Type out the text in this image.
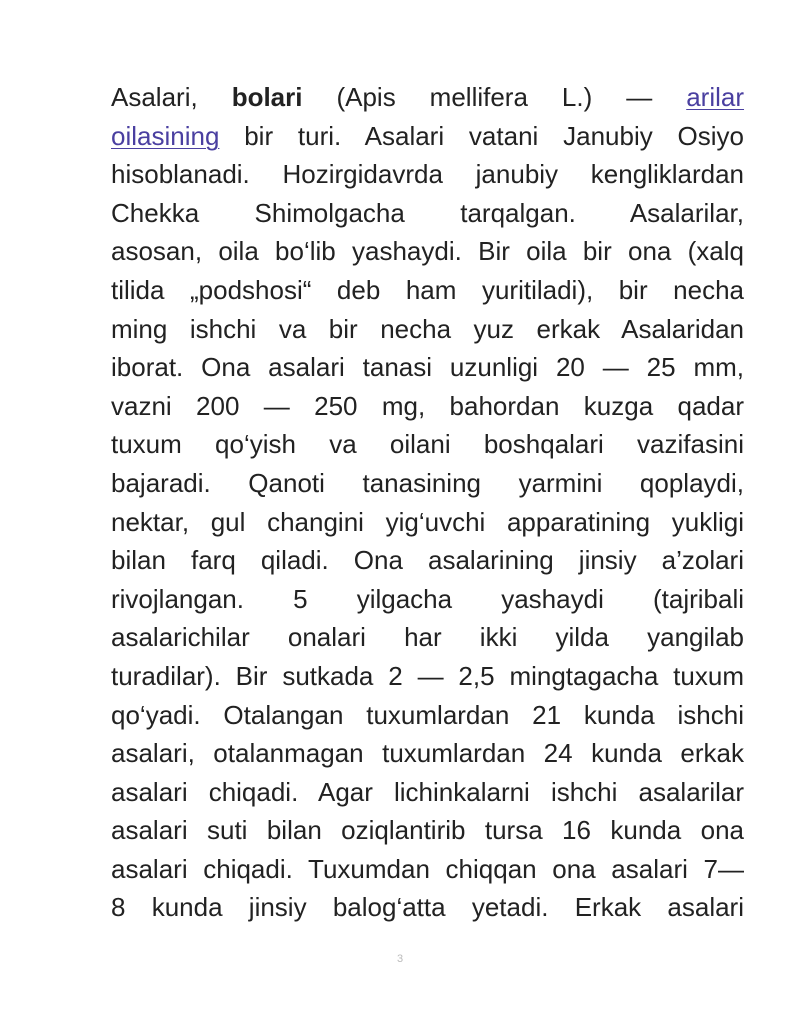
Asalari, bolari (Apis mellifera L.) — arilar
oilasining bir turi. Asalari vatani Janubiy Osiyo
hisoblanadi. Hozirgidavrda janubiy kengliklardan
Chekka Shimolgacha tarqalgan. Asalarilar,
asosan, oila bo‘lib yashaydi. Bir oila bir ona (xalq
tilida „podshosi“ deb ham yuritiladi), bir necha
ming ishchi va bir necha yuz erkak Asalaridan
iborat. Ona asalari tanasi uzunligi 20 — 25 mm,
vazni 200 — 250 mg, bahordan kuzga qadar
tuxum qo‘yish va oilani boshqalari vazifasini
bajaradi. Qanoti tanasining yarmini qoplaydi,
nektar, gul changini yig‘uvchi apparatining yukligi
bilan farq qiladi. Ona asalarining jinsiy a’zolari
rivojlangan. 5 yilgacha yashaydi (tajribali
asalarichilar onalari har ikki yilda yangilab
turadilar). Bir sutkada 2 — 2,5 mingtagacha tuxum
qo‘yadi. Otalangan tuxumlardan 21 kunda ishchi
asalari, otalanmagan tuxumlardan 24 kunda erkak
asalari chiqadi. Agar lichinkalarni ishchi asalarilar
asalari suti bilan oziqlantirib tursa 16 kunda ona
asalari chiqadi. Tuxumdan chiqqan ona asalari 7—
8 kunda jinsiy balog‘atta yetadi. Erkak asalari
3
